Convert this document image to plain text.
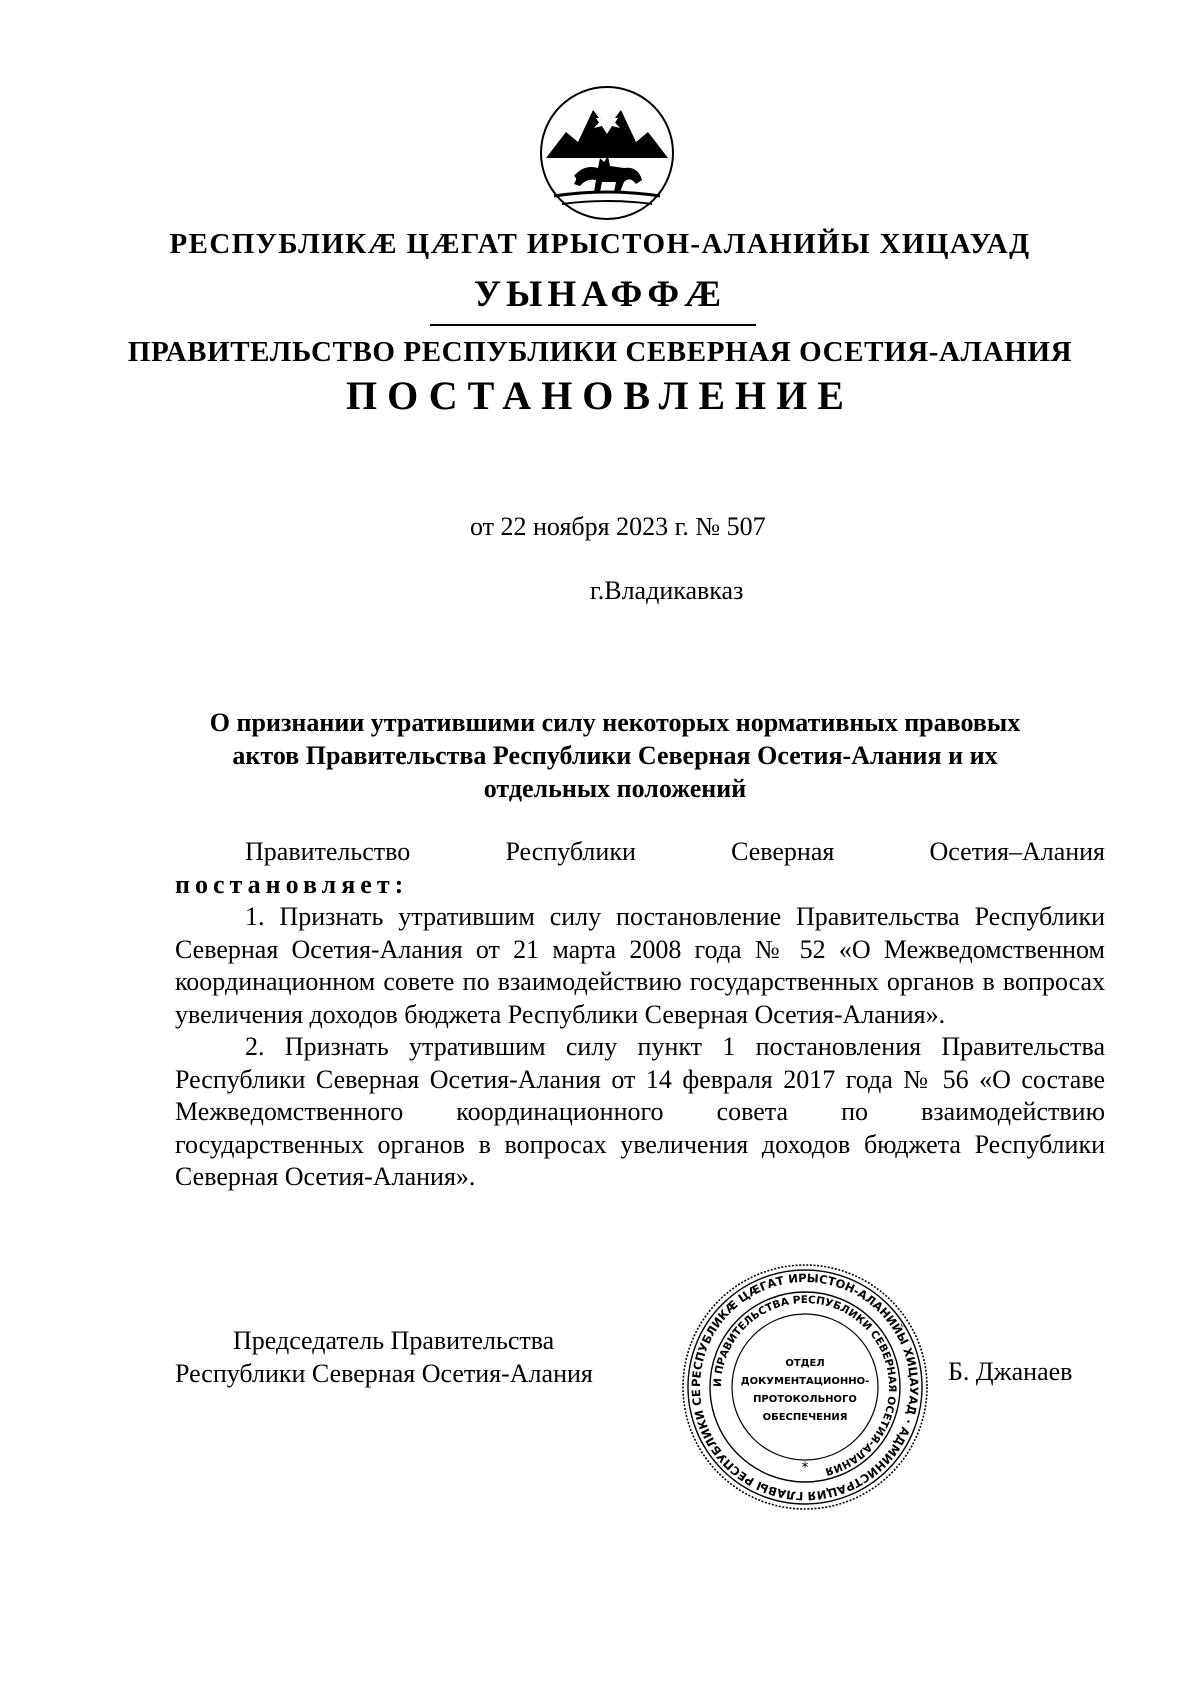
РЕСПУБЛИКӔ ЦӔГАТ ИРЫСТОН-АЛАНИЙЫ ХИЦАУАД
УЫНАФФӔ
ПРАВИТЕЛЬСТВО РЕСПУБЛИКИ СЕВЕРНАЯ ОСЕТИЯ-АЛАНИЯ
ПОСТАНОВЛЕНИЕ
от 22 ноября 2023 г. № 507
г.Владикавказ
О признании утратившими силу некоторых нормативных правовых актов Правительства Республики Северная Осетия-Алания и их отдельных положений

Правительство	Республики	Северная	Осетия–Алания

постановляет:

1. Признать утратившим силу постановление Правительства Республики Северная Осетия-Алания от 21 марта 2008 года № 52 «О Межведомственном координационном совете по взаимодействию государственных органов в вопросах увеличения доходов бюджета Республики Северная Осетия-Алания».

2. Признать утратившим силу пункт 1 постановления Правительства Республики Северная Осетия-Алания от 14 февраля 2017 года № 56 «О составе Межведомственного координационного совета по взаимодействию государственных органов в вопросах увеличения доходов бюджета Республики Северная Осетия-Алания».

Председатель Правительства
Республики Северная Осетия-Алания	РЕСПУБЛИКӔ ЦӔГАТ ИРЫСТОН-АЛАНИЙЫ ХИЦАУАД · АДМИНИСТРАЦИЯ ГЛАВЫ РЕСПУБЛИКИ СЕ
И ПРАВИТЕЛЬСТВА РЕСПУБЛИКИ СЕВЕРНАЯ ОСЕТИЯ-АЛАНИЯ
ОТДЕЛ
ДОКУМЕНТАЦИОННО-
ПРОТОКОЛЬНОГО
ОБЕСПЕЧЕНИЯ
*
Б. Джанаев
